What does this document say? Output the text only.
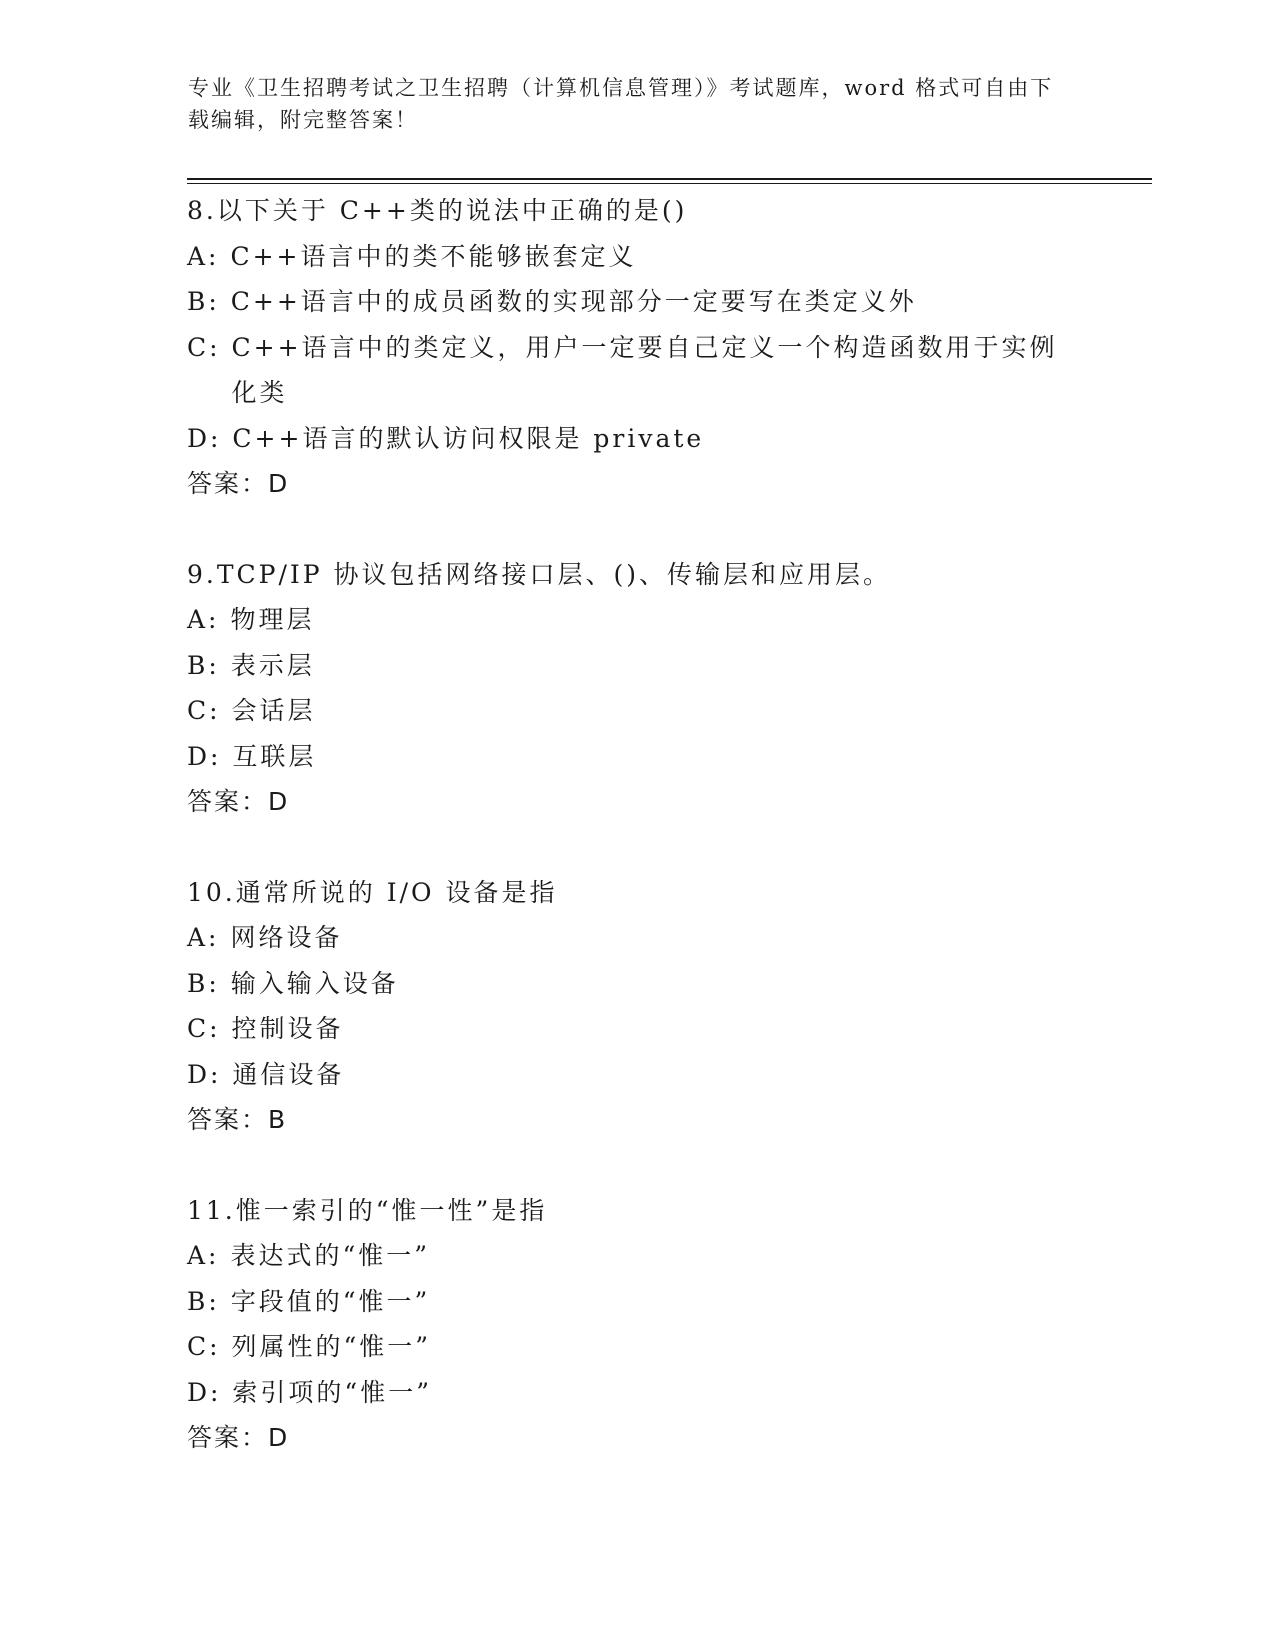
专业《卫生招聘考试之卫生招聘（计算机信息管理）》考试题库，word 格式可自由下载编辑，附完整答案！
8.以下关于 C++类的说法中正确的是()
A: C++语言中的类不能够嵌套定义
B: C++语言中的成员函数的实现部分一定要写在类定义外
C: C++语言中的类定义，用户一定要自己定义一个构造函数用于实例化类
D: C++语言的默认访问权限是 private
答案：D
9.TCP/IP 协议包括网络接口层、()、传输层和应用层。
A: 物理层
B: 表示层
C: 会话层
D: 互联层
答案：D
10.通常所说的 I/O 设备是指
A: 网络设备
B: 输入输入设备
C: 控制设备
D: 通信设备
答案：B
11.惟一索引的“惟一性”是指
A: 表达式的“惟一”
B: 字段值的“惟一”
C: 列属性的“惟一”
D: 索引项的“惟一”
答案：D
